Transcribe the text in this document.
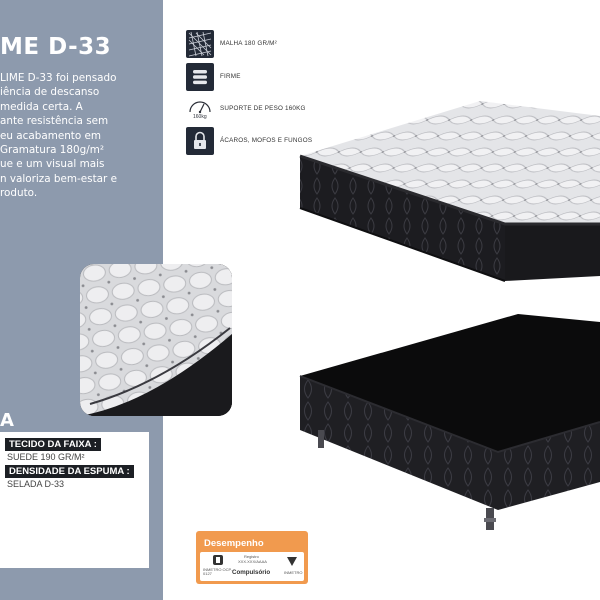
ME D-33
LIME D-33 foi pensado
iência de descanso
medida certa. A
ante resistência sem
eu acabamento em
Gramatura 180g/m²
ue e um visual mais
n valoriza bem-estar e
roduto.
A
TECIDO DA FAIXA :
SUEDE 190 GR/M²
DENSIDADE DA ESPUMA :
SELADA D-33
MALHA 180 GR/M²
FIRME
160kg
SUPORTE DE PESO 160KG
ÁCAROS, MOFOS E FUNGOS
Desempenho
INMETRO OCP-0127
Registro
XXX.XXX/AAAA
Compulsório	INMETRO
